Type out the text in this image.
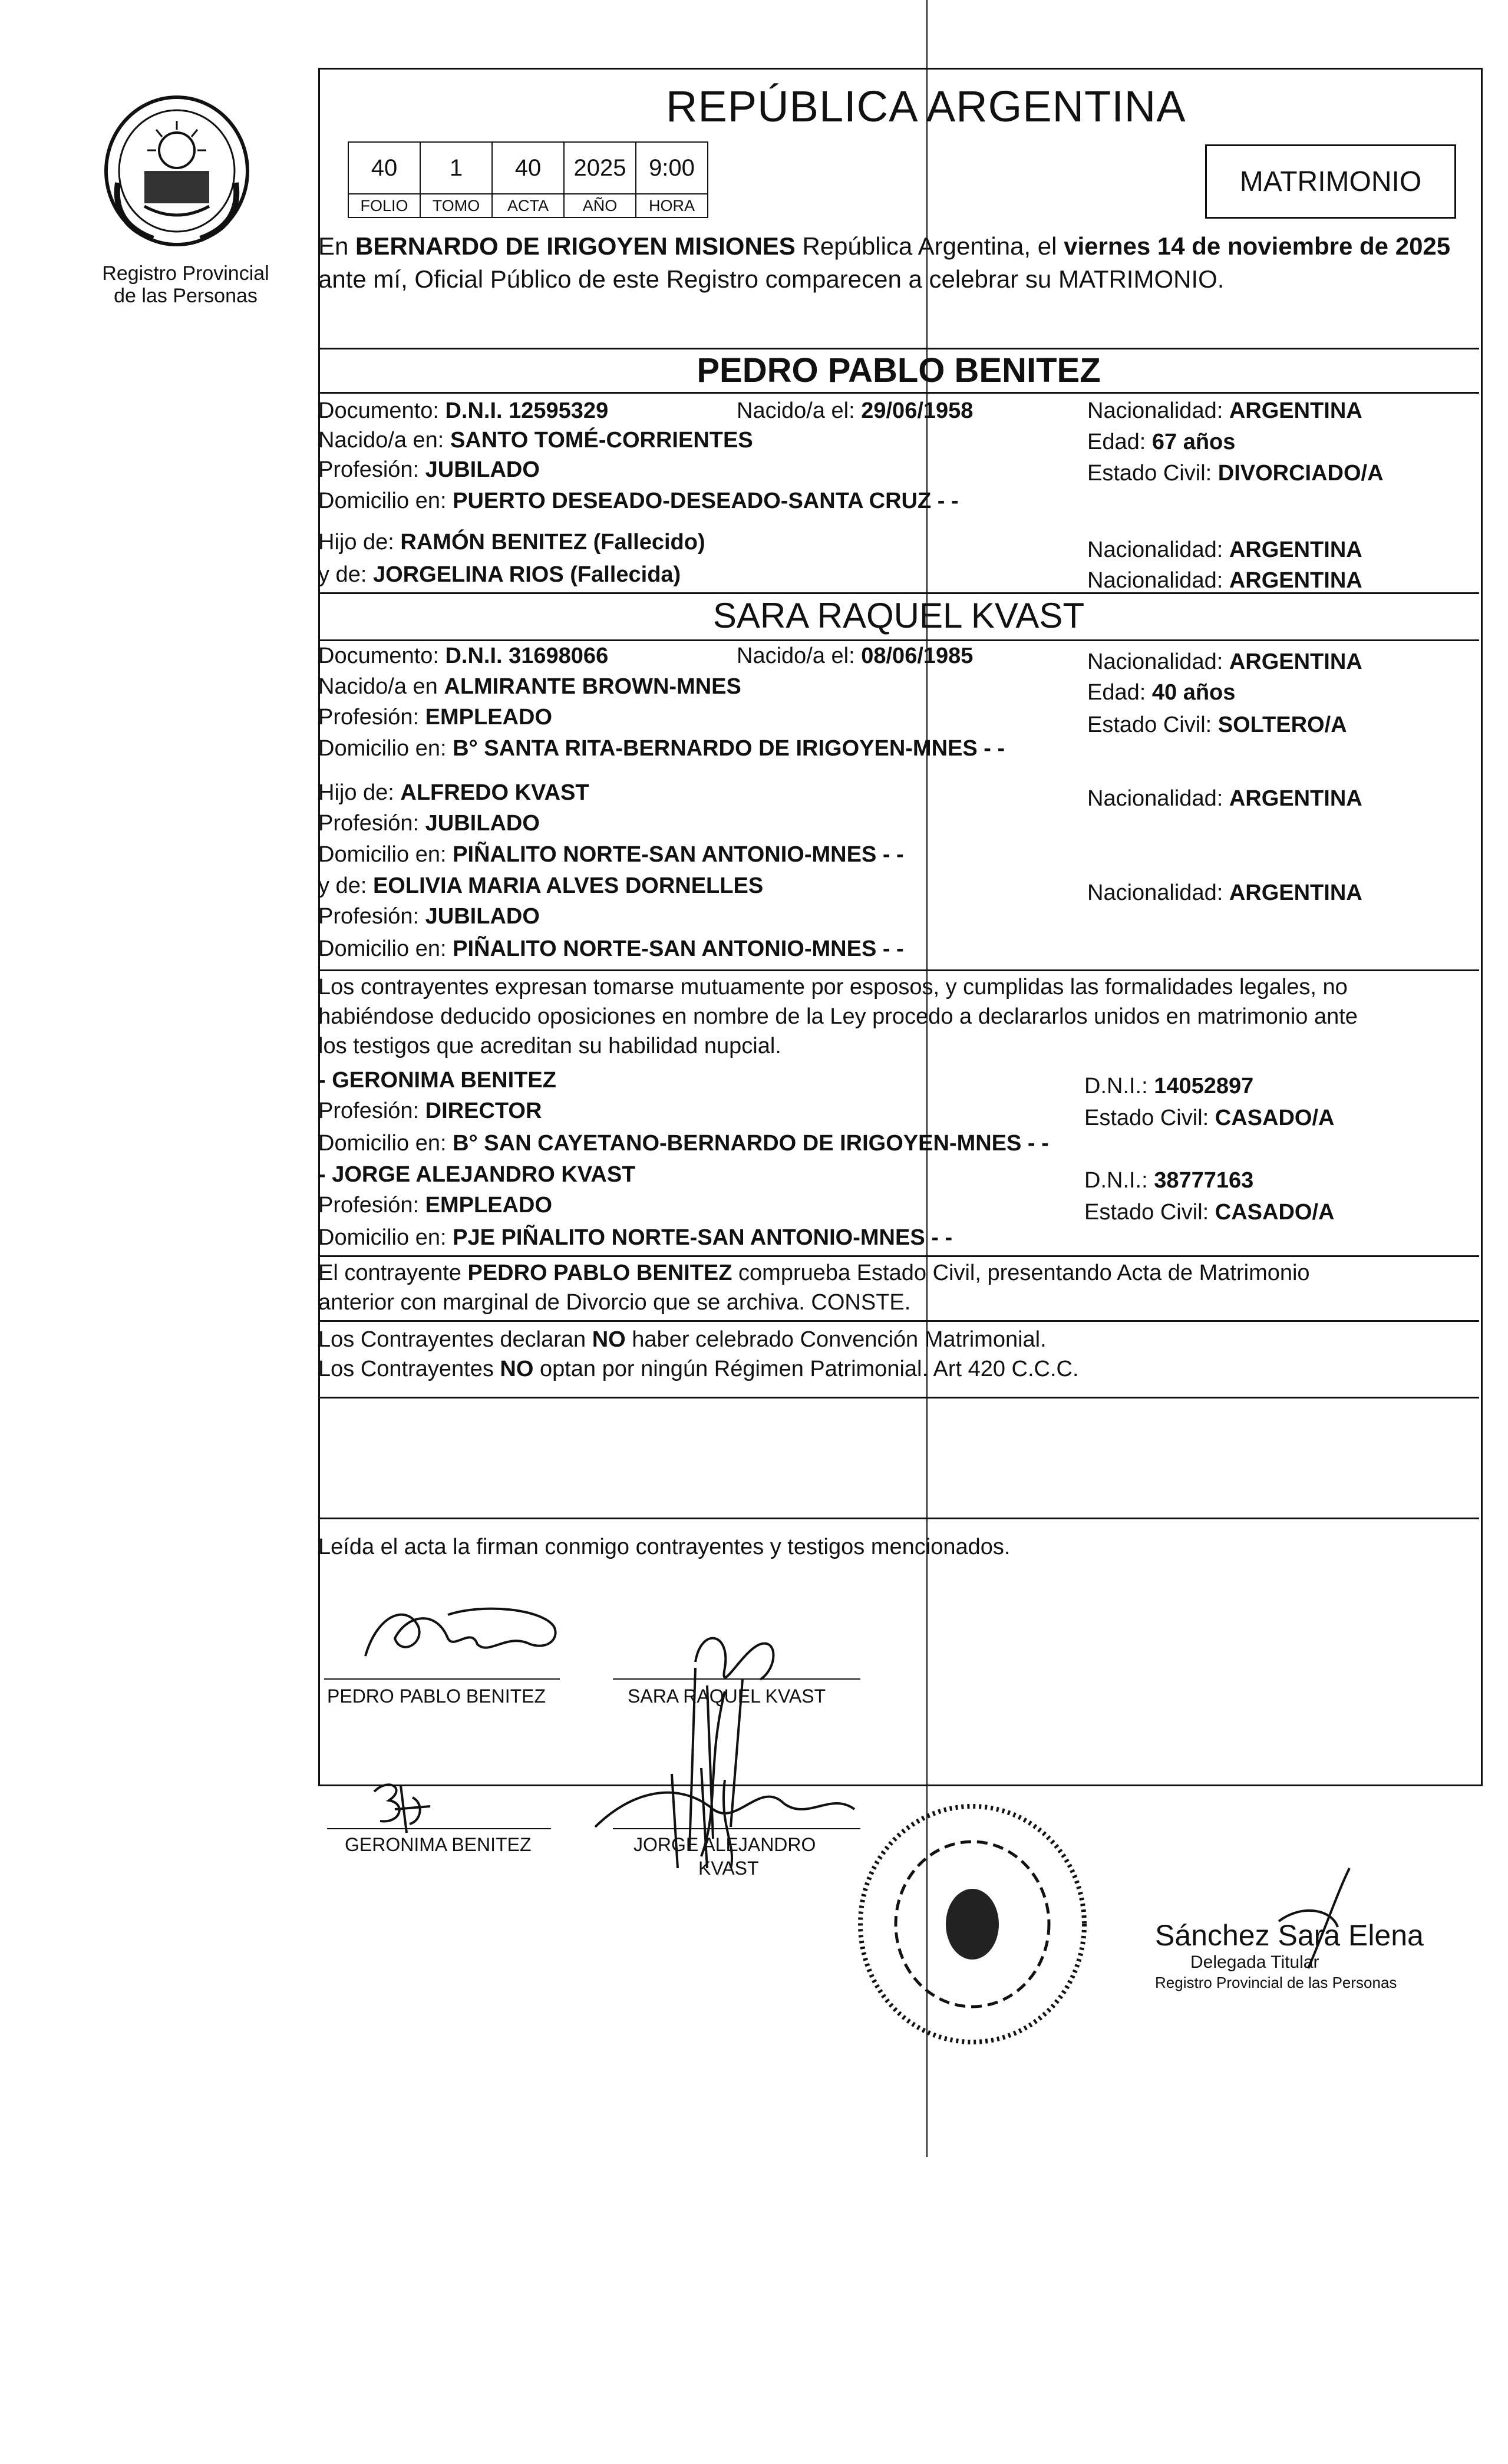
Registro Provincial
de las Personas
REPÚBLICA ARGENTINA
40	1	40	2025	9:00
FOLIO	TOMO	ACTA	AÑO	HORA
MATRIMONIO
En BERNARDO DE IRIGOYEN MISIONES República Argentina, el viernes 14 de noviembre de 2025 ante mí, Oficial Público de este Registro comparecen a celebrar su MATRIMONIO.
PEDRO PABLO BENITEZ
Documento: D.N.I. 12595329	Nacido/a el: 29/06/1958	Nacionalidad: ARGENTINA
Nacido/a en: SANTO TOMÉ-CORRIENTES	Edad: 67 años
Profesión: JUBILADO	Estado Civil: DIVORCIADO/A
Domicilio en: PUERTO DESEADO-DESEADO-SANTA CRUZ - -
Hijo de: RAMÓN BENITEZ (Fallecido)	Nacionalidad: ARGENTINA
y de: JORGELINA RIOS (Fallecida)	Nacionalidad: ARGENTINA
SARA RAQUEL KVAST
Documento: D.N.I. 31698066	Nacido/a el: 08/06/1985	Nacionalidad: ARGENTINA
Nacido/a en ALMIRANTE BROWN-MNES	Edad: 40 años
Profesión: EMPLEADO	Estado Civil: SOLTERO/A
Domicilio en: B° SANTA RITA-BERNARDO DE IRIGOYEN-MNES - -
Hijo de: ALFREDO KVAST	Nacionalidad: ARGENTINA
Profesión: JUBILADO
Domicilio en: PIÑALITO NORTE-SAN ANTONIO-MNES - -
y de: EOLIVIA MARIA ALVES DORNELLES	Nacionalidad: ARGENTINA
Profesión: JUBILADO
Domicilio en: PIÑALITO NORTE-SAN ANTONIO-MNES - -
Los contrayentes expresan tomarse mutuamente por esposos, y cumplidas las formalidades legales, no
habiéndose deducido oposiciones en nombre de la Ley procedo a declararlos unidos en matrimonio ante
los testigos que acreditan su habilidad nupcial.
- GERONIMA BENITEZ	D.N.I.: 14052897
Profesión: DIRECTOR	Estado Civil: CASADO/A
Domicilio en: B° SAN CAYETANO-BERNARDO DE IRIGOYEN-MNES - -
- JORGE ALEJANDRO KVAST	D.N.I.: 38777163
Profesión: EMPLEADO	Estado Civil: CASADO/A
Domicilio en: PJE PIÑALITO NORTE-SAN ANTONIO-MNES - -
El contrayente PEDRO PABLO BENITEZ comprueba Estado Civil, presentando Acta de Matrimonio
anterior con marginal de Divorcio que se archiva. CONSTE.
Los Contrayentes declaran NO haber celebrado Convención Matrimonial.
Los Contrayentes NO optan por ningún Régimen Patrimonial. Art 420 C.C.C.
Leída el acta la firman conmigo contrayentes y testigos mencionados.
PEDRO PABLO BENITEZ	SARA RAQUEL KVAST
GERONIMA BENITEZ	JORGE ALEJANDRO
KVAST
Sánchez Sara Elena
Delegada Titular
Registro Provincial de las Personas
